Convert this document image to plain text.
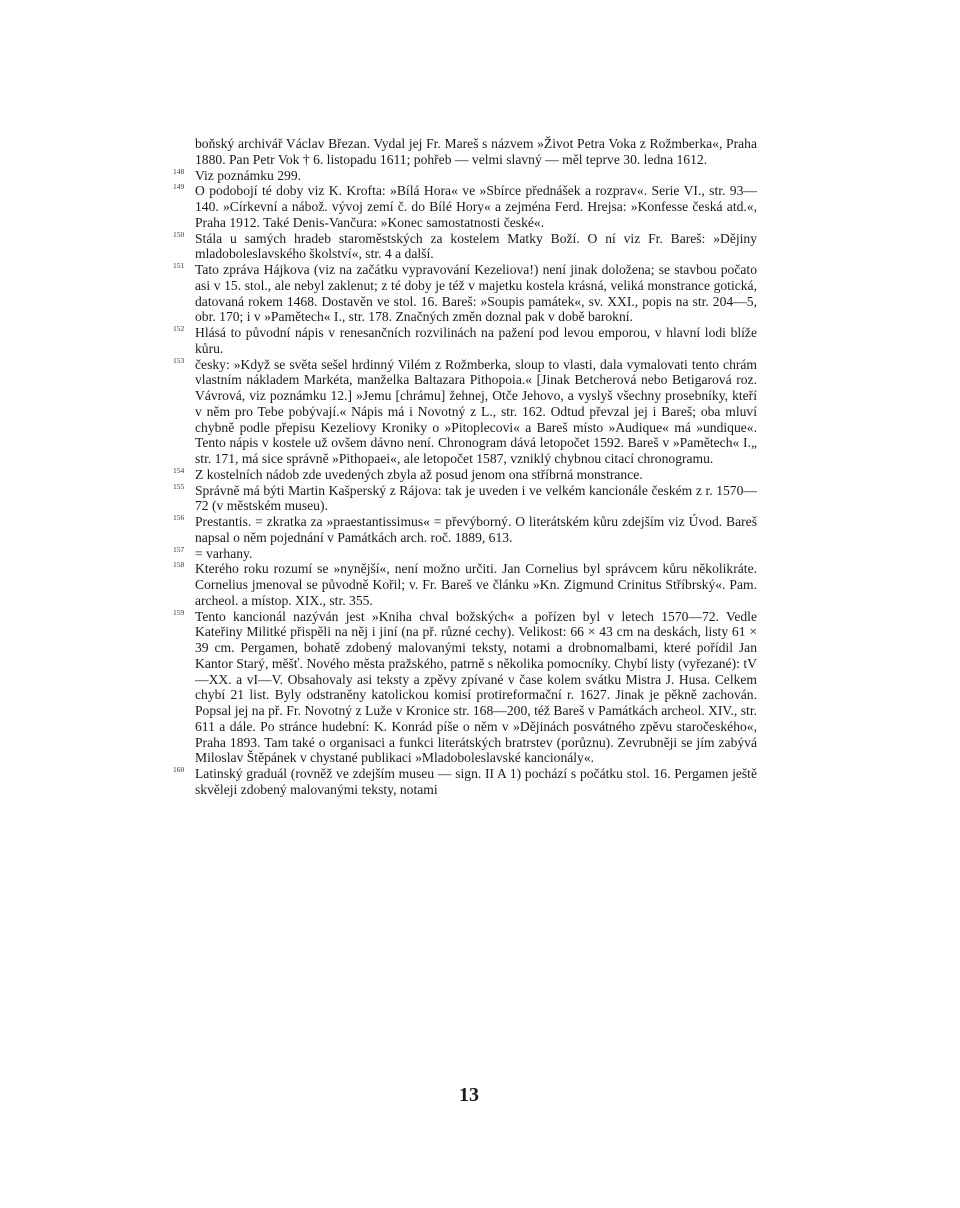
boňský archivář Václav Březan. Vydal jej Fr. Mareš s názvem »Život Petra Voka z Rožmberka«, Praha 1880. Pan Petr Vok † 6. listopadu 1611; pohřeb — velmi slavný — měl teprve 30. ledna 1612.

148 Viz poznámku 299.

149 O podobojí té doby viz K. Krofta: »Bílá Hora« ve »Sbírce přednášek a rozprav«. Serie VI., str. 93—140. »Církevní a nábož. vývoj zemí č. do Bílé Hory« a zejména Ferd. Hrejsa: »Konfesse česká atd.«, Praha 1912. Také Denis-Vančura: »Konec samostatnosti české«.

150 Stála u samých hradeb staroměstských za kostelem Matky Boží. O ní viz Fr. Bareš: »Dějiny mladoboleslavského školství«, str. 4 a další.

151 Tato zpráva Hájkova (viz na začátku vypravování Kezeliova!) není jinak doložena; se stavbou počato asi v 15. stol., ale nebyl zaklenut; z té doby je též v majetku kostela krásná, veliká monstrance gotická, datovaná rokem 1468. Dostavěn ve stol. 16. Bareš: »Soupis památek«, sv. XXI., popis na str. 204—5, obr. 170; i v »Pamětech« I., str. 178. Značných změn doznal pak v době barokní.

152 Hlásá to původní nápis v renesančních rozvilinách na pažení pod levou emporou, v hlavní lodi blíže kůru.

153 česky: »Když se světa sešel hrdinný Vilém z Rožmberka, sloup to vlasti, dala vymalovati tento chrám vlastním nákladem Markéta, manželka Baltazara Pithopoia.« [Jinak Betcherová nebo Betigarová roz. Vávrová, viz poznámku 12.] »Jemu [chrámu] žehnej, Otče Jehovo, a vyslyš všechny prosebníky, kteří v něm pro Tebe pobývají.« Nápis má i Novotný z L., str. 162. Odtud převzal jej i Bareš; oba mluví chybně podle přepisu Kezeliovy Kroniky o »Pitoplecovi« a Bareš místo »Audique« má »undique«. Tento nápis v kostele už ovšem dávno není. Chronogram dává letopočet 1592. Bareš v »Pamětech« I.„ str. 171, má sice správně »Pithopaei«, ale letopočet 1587, vzniklý chybnou citací chronogramu.

154 Z kostelních nádob zde uvedených zbyla až posud jenom ona stříbrná monstrance.

155 Správně má býti Martin Kašperský z Rájova: tak je uveden i ve velkém kancionále českém z r. 1570—72 (v městském museu).

156 Prestantis. = zkratka za »praestantissimus« = převýborný. O literátském kůru zdejším viz Úvod. Bareš napsal o něm pojednání v Památkách arch. roč. 1889, 613.

157 = varhany.

158 Kterého roku rozumí se »nynější«, není možno určiti. Jan Cornelius byl správcem kůru několikráte. Cornelius jmenoval se původně Kořil; v. Fr. Bareš ve článku »Kn. Zigmund Crinitus Stříbrský«. Pam. archeol. a místop. XIX., str. 355.

159 Tento kancionál nazýván jest »Kniha chval božských« a pořízen byl v letech 1570—72. Vedle Kateřiny Militké přispěli na něj i jiní (na př. různé cechy). Velikost: 66 × 43 cm na deskách, listy 61 × 39 cm. Pergamen, bohatě zdobený malovanými teksty, notami a drobnomalbami, které pořídil Jan Kantor Starý, měšť. Nového města pražského, patrně s několika pomocníky. Chybí listy (vyřezané): tV—XX. a vI—V. Obsahovaly asi teksty a zpěvy zpívané v čase kolem svátku Mistra J. Husa. Celkem chybí 21 list. Byly odstraněny katolickou komisí protireformační r. 1627. Jinak je pěkně zachován. Popsal jej na př. Fr. Novotný z Luže v Kronice str. 168—200, též Bareš v Památkách archeol. XIV., str. 611 a dále. Po stránce hudební: K. Konrád píše o něm v »Dějinách posvátného zpěvu staročeského«, Praha 1893. Tam také o organisaci a funkci literátských bratrstev (porůznu). Zevrubněji se jím zabývá Miloslav Štěpánek v chystané publikaci »Mladoboleslavské kancionály«.

160 Latinský graduál (rovněž ve zdejším museu — sign. II A 1) pochází s počátku stol. 16. Pergamen ještě skvěleji zdobený malovanými teksty, notami

13
